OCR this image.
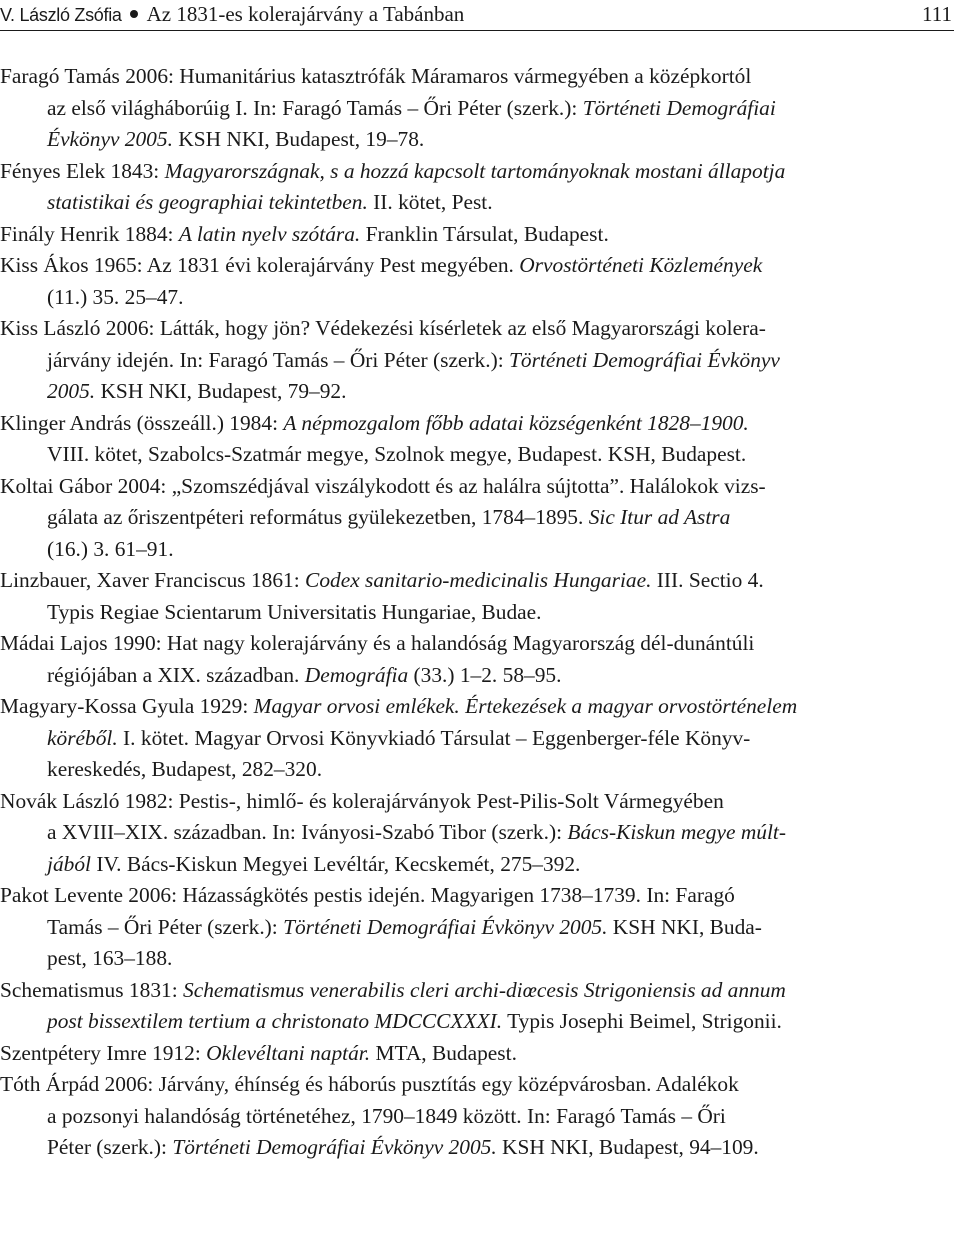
V. László Zsófia Az 1831-es kolerajárvány a Tabánban	111

Faragó Tamás 2006: Humanitárius katasztrófák Máramaros vármegyében a középkortól
az első világháborúig I. In: Faragó Tamás – Őri Péter (szerk.): Történeti Demográfiai
Évkönyv 2005. KSH NKI, Budapest, 19–78.

Fényes Elek 1843: Magyarországnak, s a hozzá kapcsolt tartományoknak mostani állapotja
statistikai és geographiai tekintetben. II. kötet, Pest.

Finály Henrik 1884: A latin nyelv szótára. Franklin Társulat, Budapest.

Kiss Ákos 1965: Az 1831 évi kolerajárvány Pest megyében. Orvostörténeti Közlemények
(11.) 35. 25–47.

Kiss László 2006: Látták, hogy jön? Védekezési kísérletek az első Magyarországi kolera-
járvány idején. In: Faragó Tamás – Őri Péter (szerk.): Történeti Demográfiai Évkönyv
2005. KSH NKI, Budapest, 79–92.

Klinger András (összeáll.) 1984: A népmozgalom főbb adatai községenként 1828–1900.
VIII. kötet, Szabolcs-Szatmár megye, Szolnok megye, Budapest. KSH, Budapest.

Koltai Gábor 2004: „Szomszédjával viszálykodott és az halálra sújtotta”. Halálokok vizs-
gálata az őriszentpéteri református gyülekezetben, 1784–1895. Sic Itur ad Astra
(16.) 3. 61–91.

Linzbauer, Xaver Franciscus 1861: Codex sanitario-medicinalis Hungariae. III. Sectio 4.
Typis Regiae Scientarum Universitatis Hungariae, Budae.

Mádai Lajos 1990: Hat nagy kolerajárvány és a halandóság Magyarország dél-dunántúli
régiójában a XIX. században. Demográfia (33.) 1–2. 58–95.

Magyary-Kossa Gyula 1929: Magyar orvosi emlékek. Értekezések a magyar orvostörténelem
köréből. I. kötet. Magyar Orvosi Könyvkiadó Társulat – Eggenberger-féle Könyv-
kereskedés, Budapest, 282–320.

Novák László 1982: Pestis-, himlő- és kolerajárványok Pest-Pilis-Solt Vármegyében
a XVIII–XIX. században. In: Iványosi-Szabó Tibor (szerk.): Bács-Kiskun megye múlt-
jából IV. Bács-Kiskun Megyei Levéltár, Kecskemét, 275–392.

Pakot Levente 2006: Házasságkötés pestis idején. Magyarigen 1738–1739. In: Faragó
Tamás – Őri Péter (szerk.): Történeti Demográfiai Évkönyv 2005. KSH NKI, Buda-
pest, 163–188.

Schematismus 1831: Schematismus venerabilis cleri archi-diœcesis Strigoniensis ad annum
post bissextilem tertium a christonato MDCCCXXXI. Typis Josephi Beimel, Strigonii.

Szentpétery Imre 1912: Oklevéltani naptár. MTA, Budapest.

Tóth Árpád 2006: Járvány, éhínség és háborús pusztítás egy középvárosban. Adalékok
a pozsonyi halandóság történetéhez, 1790–1849 között. In: Faragó Tamás – Őri
Péter (szerk.): Történeti Demográfiai Évkönyv 2005. KSH NKI, Budapest, 94–109.
